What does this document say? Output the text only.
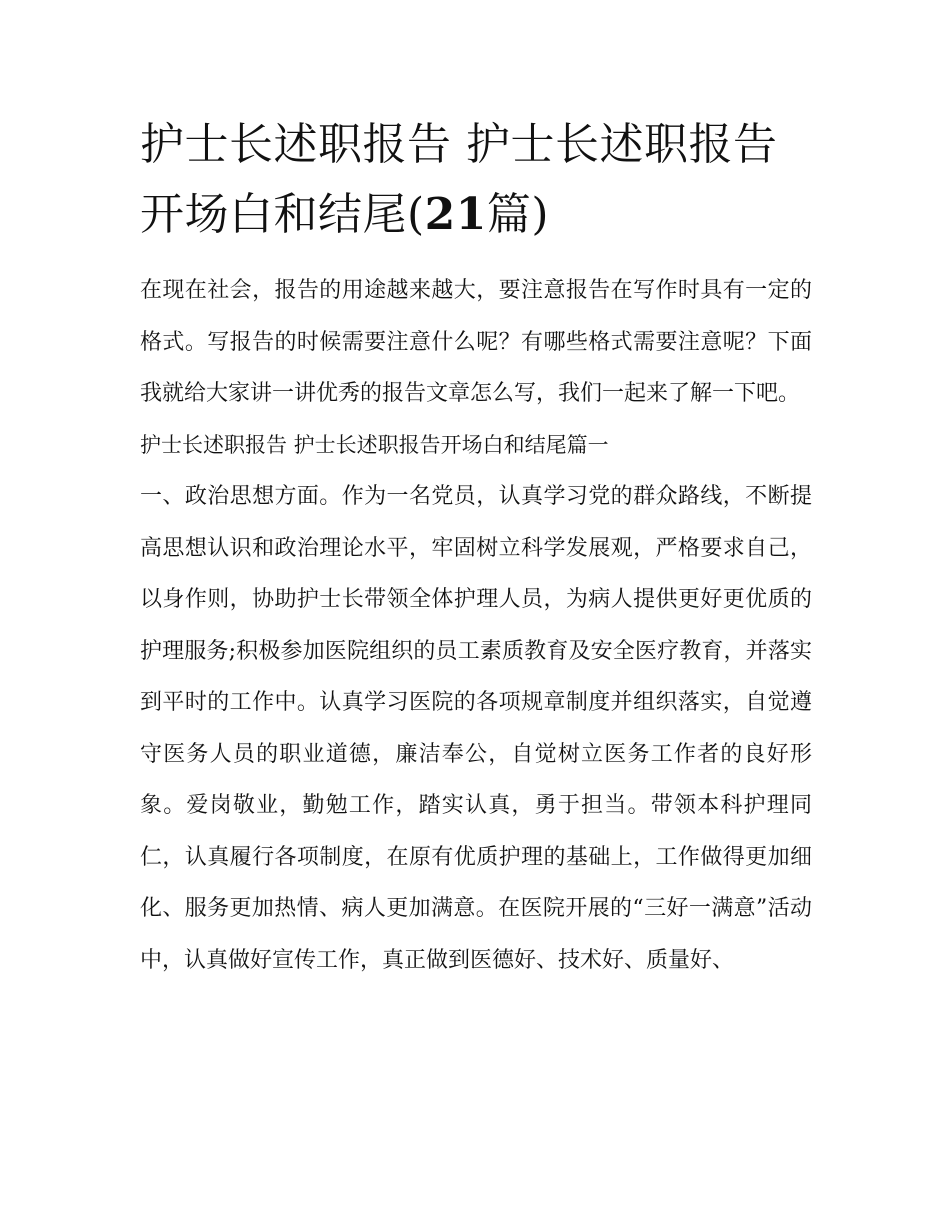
护士长述职报告 护士长述职报告开场白和结尾(21篇)

在现在社会，报告的用途越来越大，要注意报告在写作时具有一定的格式。写报告的时候需要注意什么呢？有哪些格式需要注意呢？下面我就给大家讲一讲优秀的报告文章怎么写，我们一起来了解一下吧。

护士长述职报告 护士长述职报告开场白和结尾篇一

一、政治思想方面。作为一名党员，认真学习党的群众路线，不断提高思想认识和政治理论水平，牢固树立科学发展观，严格要求自己，以身作则，协助护士长带领全体护理人员，为病人提供更好更优质的护理服务;积极参加医院组织的员工素质教育及安全医疗教育，并落实到平时的工作中。认真学习医院的各项规章制度并组织落实，自觉遵守医务人员的职业道德，廉洁奉公，自觉树立医务工作者的良好形象。爱岗敬业，勤勉工作，踏实认真，勇于担当。带领本科护理同仁，认真履行各项制度，在原有优质护理的基础上，工作做得更加细化、服务更加热情、病人更加满意。在医院开展的“三好一满意”活动中，认真做好宣传工作，真正做到医德好、技术好、质量好、
